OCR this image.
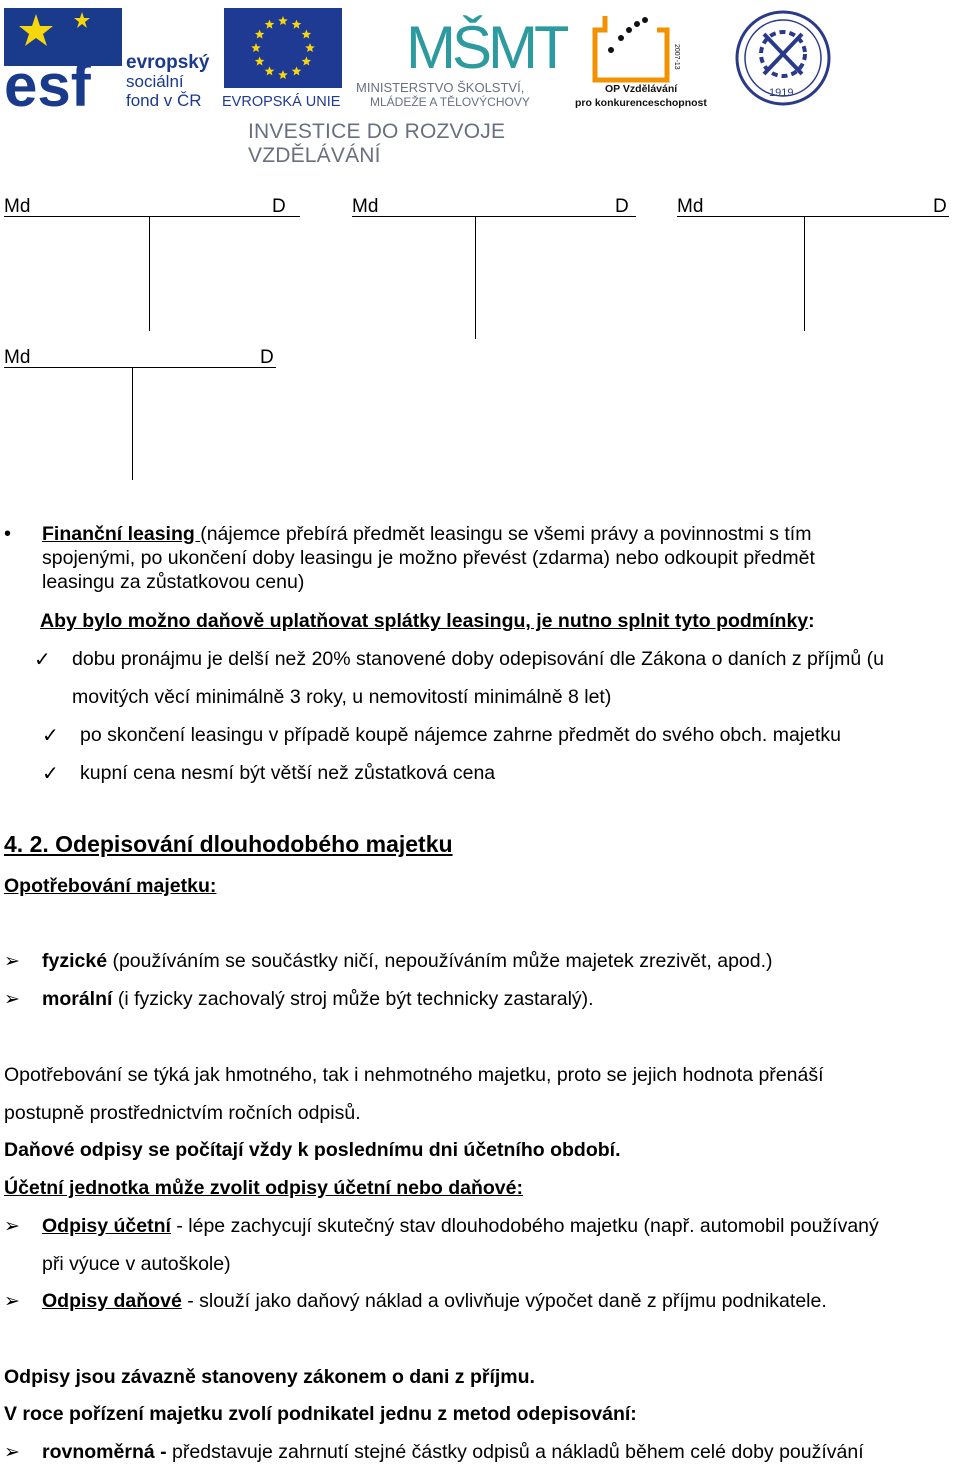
esf evropský
sociální
fond v ČR EVROPSKÁ UNIE
MŠMT
MINISTERSTVO ŠKOLSTVÍ,
MLÁDEŽE A TĚLOVÝCHOVY
2007-13
OP Vzdělávání
pro konkurenceschopnost
1919
INVESTICE DO ROZVOJE VZDĚLÁVÁNÍ
Md	D	Md	D	Md	D
Md	D
• Finanční leasing (nájemce přebírá předmět leasingu se všemi právy a povinnostmi s tím
spojenými, po ukončení doby leasingu je možno převést (zdarma) nebo odkoupit předmět
leasingu za zůstatkovou cenu)
Aby bylo možno daňově uplatňovat splátky leasingu, je nutno splnit tyto podmínky:
✓ dobu pronájmu je delší než 20% stanovené doby odepisování dle Zákona o daních z příjmů (u
movitých věcí minimálně 3 roky, u nemovitostí minimálně 8 let)
✓ po skončení leasingu v případě koupě nájemce zahrne předmět do svého obch. majetku
✓ kupní cena nesmí být větší než zůstatková cena
4. 2. Odepisování dlouhodobého majetku
Opotřebování majetku:
➢ fyzické (používáním se součástky ničí, nepoužíváním může majetek zrezivět, apod.)
➢ morální (i fyzicky zachovalý stroj může být technicky zastaralý).
Opotřebování se týká jak hmotného, tak i nehmotného majetku, proto se jejich hodnota přenáší
postupně prostřednictvím ročních odpisů.
Daňové odpisy se počítají vždy k poslednímu dni účetního období.
Účetní jednotka může zvolit odpisy účetní nebo daňové:
➢ Odpisy účetní - lépe zachycují skutečný stav dlouhodobého majetku (např. automobil používaný
při výuce v autoškole)
➢ Odpisy daňové - slouží jako daňový náklad a ovlivňuje výpočet daně z příjmu podnikatele.
Odpisy jsou závazně stanoveny zákonem o dani z příjmu.
V roce pořízení majetku zvolí podnikatel jednu z metod odepisování:
➢ rovnoměrná - představuje zahrnutí stejné částky odpisů a nákladů během celé doby používání
